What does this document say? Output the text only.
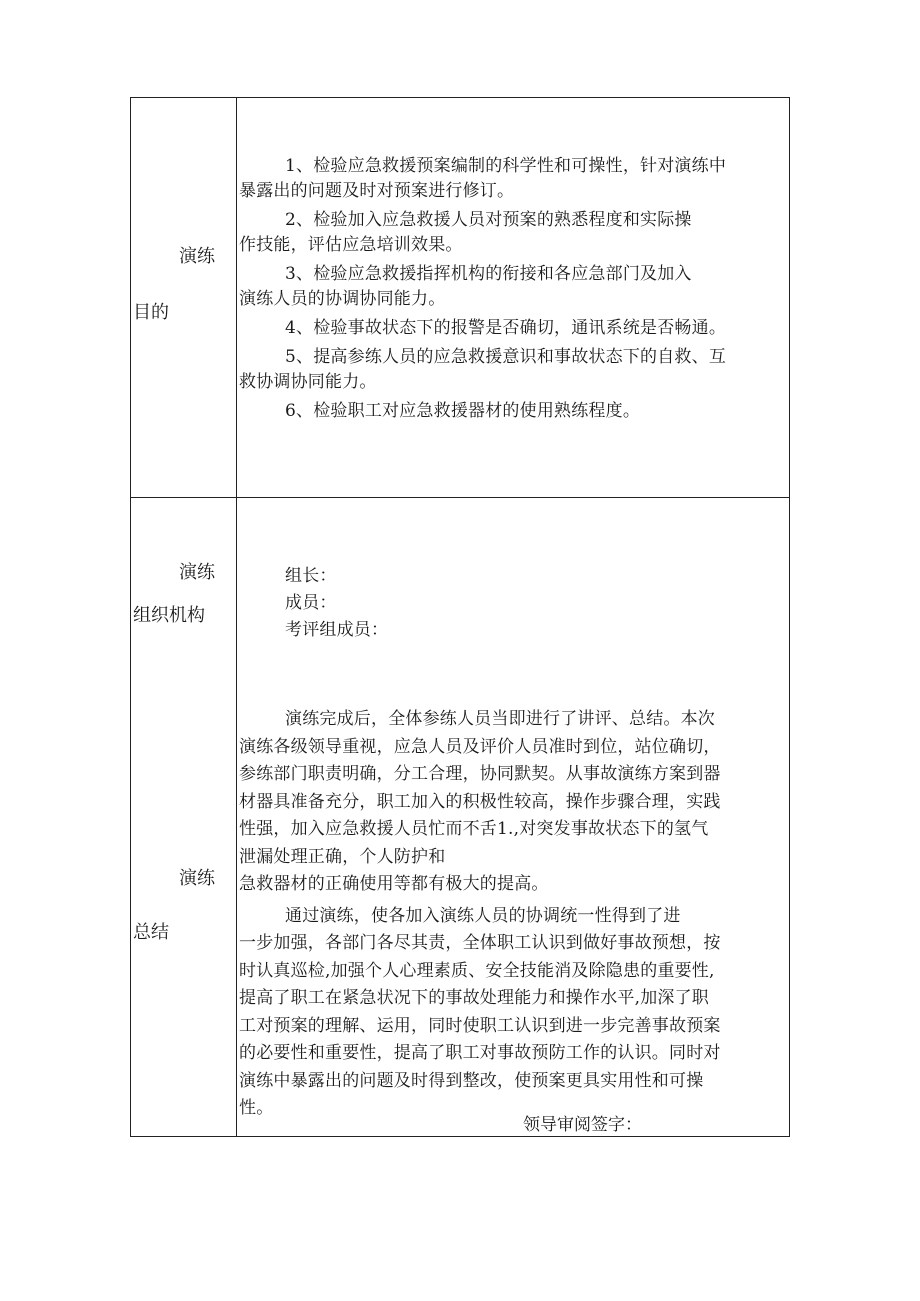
演练
目的

1、检验应急救援预案编制的科学性和可操性，针对演练中

暴露出的问题及时对预案进行修订。

2、检验加入应急救援人员对预案的熟悉程度和实际操

作技能，评估应急培训效果。

3、检验应急救援指挥机构的衔接和各应急部门及加入

演练人员的协调协同能力。

4、检验事故状态下的报警是否确切，通讯系统是否畅通。

5、提高参练人员的应急救援意识和事故状态下的自救、互

救协调协同能力。

6、检验职工对应急救援器材的使用熟练程度。

演练
组织机构

组长：

成员：

考评组成员：

演练
总结

演练完成后，全体参练人员当即进行了讲评、总结。本次

演练各级领导重视，应急人员及评价人员准时到位，站位确切，

参练部门职责明确，分工合理，协同默契。从事故演练方案到器

材器具准备充分，职工加入的积极性较高，操作步骤合理，实践

性强，加入应急救援人员忙而不舌1.,对突发事故状态下的氢气

泄漏处理正确，个人防护和

急救器材的正确使用等都有极大的提高。

通过演练，使各加入演练人员的协调统一性得到了进

一步加强，各部门各尽其责，全体职工认识到做好事故预想，按

时认真巡检,加强个人心理素质、安全技能消及除隐患的重要性,

提高了职工在紧急状况下的事故处理能力和操作水平,加深了职

工对预案的理解、运用，同时使职工认识到进一步完善事故预案

的必要性和重要性，提高了职工对事故预防工作的认识。同时对

演练中暴露出的问题及时得到整改，使预案更具实用性和可操

性。

领导审阅签字：
